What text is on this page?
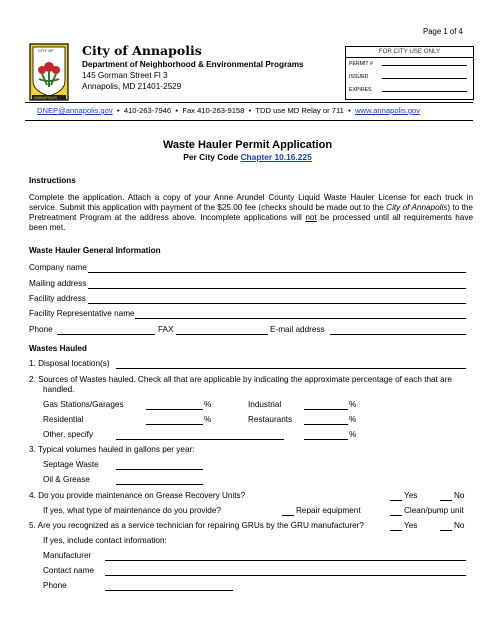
Page 1 of 4
CITY OF
ANNAPOLIS
City of Annapolis
Department of Neighborhood & Environmental Programs
145 Gorman Street Fl 3
Annapolis, MD 21401-2529
FOR CITY USE ONLY
PERMIT #
ISSUED
EXPIRES
DNEP@annapolis.gov • 410-263-7946 • Fax 410-263-9158 • TDD use MD Relay or 711 • www.annapolis.gov
Waste Hauler Permit Application
Per City Code Chapter 10.16.225
Instructions
Complete the application. Attach a copy of your Anne Arundel County Liquid Waste Hauler License for each truck in service. Submit this application with payment of the $25.00 fee (checks should be made out to the City of Annapolis) to the Pretreatment Program at the address above. Incomplete applications will not be processed until all requirements have been met.
Waste Hauler General Information
Company name
Mailing address
Facility address
Facility Representative name
Phone	FAX	E-mail address
Wastes Hauled
1. Disposal location(s)
2. Sources of Wastes hauled. Check all that are applicable by indicating the approximate percentage of each that are
handled.
Gas Stations/Garages	%	Industrial	%
Residential	%	Restaurants	%
Other, specify	%
3. Typical volumes hauled in gallons per year:
Septage Waste
Oil & Grease
4. Do you provide maintenance on Grease Recovery Units?	Yes	No
If yes, what type of maintenance do you provide?	Repair equipment	Clean/pump unit
5. Are you recognized as a service technician for repairing GRUs by the GRU manufacturer?	Yes	No
If yes, include contact information:
Manufacturer
Contact name
Phone
